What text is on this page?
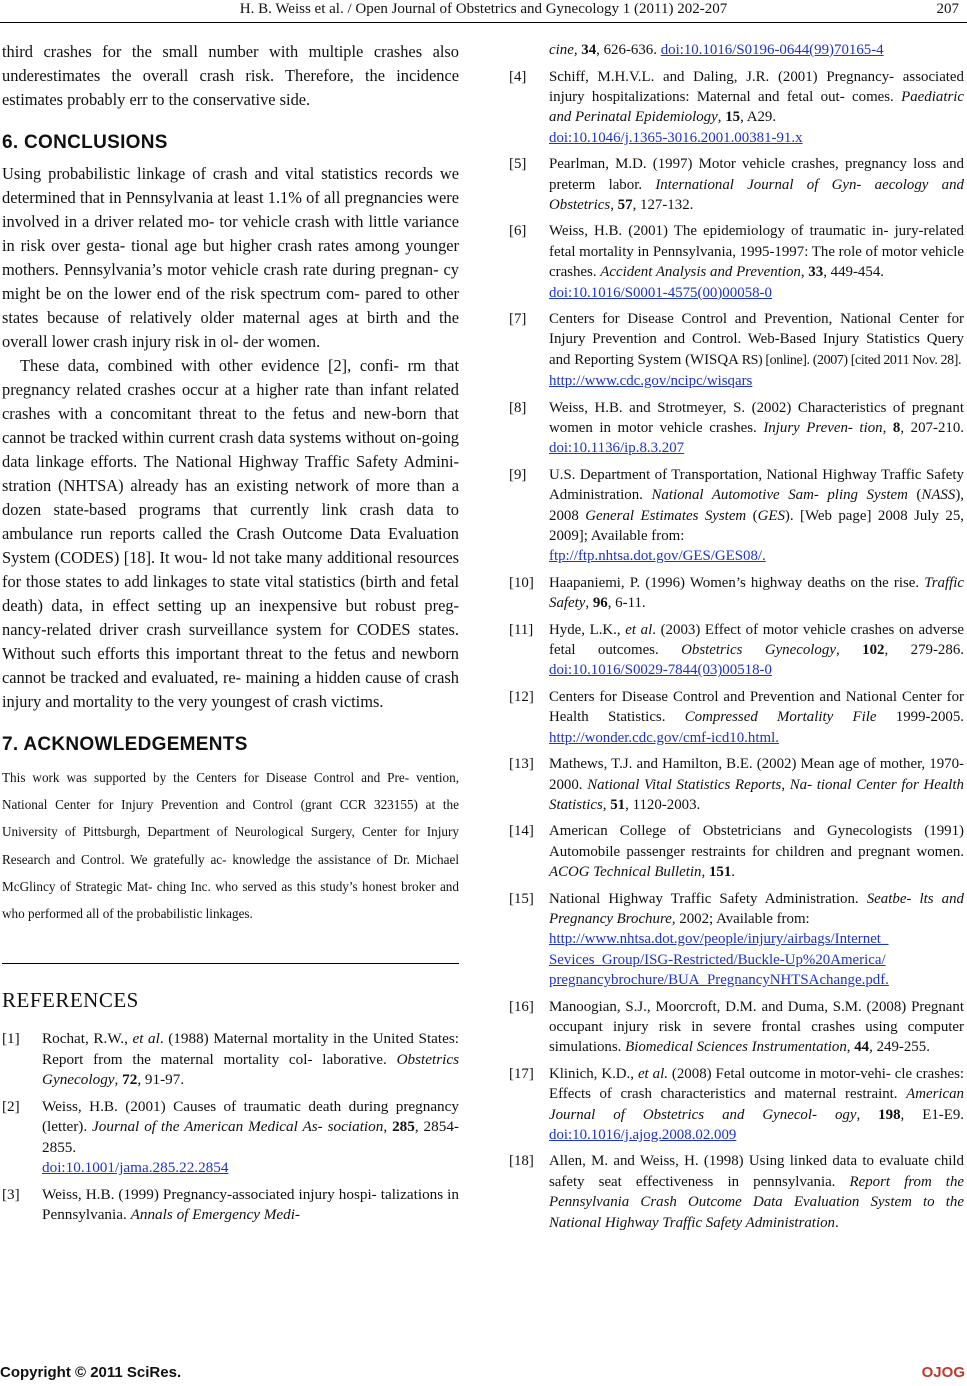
H. B. Weiss et al. / Open Journal of Obstetrics and Gynecology 1 (2011) 202-207	207

third crashes for the small number with multiple crashes also underestimates the overall crash risk. Therefore, the incidence estimates probably err to the conservative side.

6. CONCLUSIONS

Using probabilistic linkage of crash and vital statistics records we determined that in Pennsylvania at least 1.1% of all pregnancies were involved in a driver related mo- tor vehicle crash with little variance in risk over gesta- tional age but higher crash rates among younger mothers. Pennsylvania’s motor vehicle crash rate during pregnan- cy might be on the lower end of the risk spectrum com- pared to other states because of relatively older maternal ages at birth and the overall lower crash injury risk in ol- der women.

These data, combined with other evidence [2], confi- rm that pregnancy related crashes occur at a higher rate than infant related crashes with a concomitant threat to the fetus and new-born that cannot be tracked within current crash data systems without on-going data linkage efforts. The National Highway Traffic Safety Admini- stration (NHTSA) already has an existing network of more than a dozen state-based programs that currently link crash data to ambulance run reports called the Crash Outcome Data Evaluation System (CODES) [18]. It wou- ld not take many additional resources for those states to add linkages to state vital statistics (birth and fetal death) data, in effect setting up an inexpensive but robust preg- nancy-related driver crash surveillance system for CODES states. Without such efforts this important threat to the fetus and newborn cannot be tracked and evaluated, re- maining a hidden cause of crash injury and mortality to the very youngest of crash victims.

7. ACKNOWLEDGEMENTS

This work was supported by the Centers for Disease Control and Pre- vention, National Center for Injury Prevention and Control (grant CCR 323155) at the University of Pittsburgh, Department of Neurological Surgery, Center for Injury Research and Control. We gratefully ac- knowledge the assistance of Dr. Michael McGlincy of Strategic Mat- ching Inc. who served as this study’s honest broker and who performed all of the probabilistic linkages.

REFERENCES
[1] Rochat, R.W., et al. (1988) Maternal mortality in the United States: Report from the maternal mortality col- laborative. Obstetrics Gynecology, 72, 91-97.
[2] Weiss, H.B. (2001) Causes of traumatic death during pregnancy (letter). Journal of the American Medical As- sociation, 285, 2854-2855.
doi:10.1001/jama.285.22.2854
[3] Weiss, H.B. (1999) Pregnancy-associated injury hospi- talizations in Pennsylvania. Annals of Emergency Medi-
cine, 34, 626-636. doi:10.1016/S0196-0644(99)70165-4
[4] Schiff, M.H.V.L. and Daling, J.R. (2001) Pregnancy- associated injury hospitalizations: Maternal and fetal out- comes. Paediatric and Perinatal Epidemiology, 15, A29.
doi:10.1046/j.1365-3016.2001.00381-91.x
[5] Pearlman, M.D. (1997) Motor vehicle crashes, pregnancy loss and preterm labor. International Journal of Gyn- aecology and Obstetrics, 57, 127-132.
[6] Weiss, H.B. (2001) The epidemiology of traumatic in- jury-related fetal mortality in Pennsylvania, 1995-1997: The role of motor vehicle crashes. Accident Analysis and Prevention, 33, 449-454.
doi:10.1016/S0001-4575(00)00058-0
[7] Centers for Disease Control and Prevention, National Center for Injury Prevention and Control. Web-Based Injury Statistics Query and Reporting System (WISQA RS) [online]. (2007) [cited 2011 Nov. 28].
http://www.cdc.gov/ncipc/wisqars
[8] Weiss, H.B. and Strotmeyer, S. (2002) Characteristics of pregnant women in motor vehicle crashes. Injury Preven- tion, 8, 207-210. doi:10.1136/ip.8.3.207
[9] U.S. Department of Transportation, National Highway Traffic Safety Administration. National Automotive Sam- pling System (NASS), 2008 General Estimates System (GES). [Web page] 2008 July 25, 2009]; Available from:
ftp://ftp.nhtsa.dot.gov/GES/GES08/.
[10] Haapaniemi, P. (1996) Women’s highway deaths on the rise. Traffic Safety, 96, 6-11.
[11] Hyde, L.K., et al. (2003) Effect of motor vehicle crashes on adverse fetal outcomes. Obstetrics Gynecology, 102, 279-286. doi:10.1016/S0029-7844(03)00518-0
[12] Centers for Disease Control and Prevention and National Center for Health Statistics. Compressed Mortality File 1999-2005. http://wonder.cdc.gov/cmf-icd10.html.
[13] Mathews, T.J. and Hamilton, B.E. (2002) Mean age of mother, 1970-2000. National Vital Statistics Reports, Na- tional Center for Health Statistics, 51, 1120-2003.
[14] American College of Obstetricians and Gynecologists (1991) Automobile passenger restraints for children and pregnant women. ACOG Technical Bulletin, 151.
[15] National Highway Traffic Safety Administration. Seatbe- lts and Pregnancy Brochure, 2002; Available from:
http://www.nhtsa.dot.gov/people/injury/airbags/Internet_
Sevices_Group/ISG-Restricted/Buckle-Up%20America/
pregnancybrochure/BUA_PregnancyNHTSAchange.pdf.
[16] Manoogian, S.J., Moorcroft, D.M. and Duma, S.M. (2008) Pregnant occupant injury risk in severe frontal crashes using computer simulations. Biomedical Sciences Instrumentation, 44, 249-255.
[17] Klinich, K.D., et al. (2008) Fetal outcome in motor-vehi- cle crashes: Effects of crash characteristics and maternal restraint. American Journal of Obstetrics and Gynecol- ogy, 198, E1-E9. doi:10.1016/j.ajog.2008.02.009
[18] Allen, M. and Weiss, H. (1998) Using linked data to evaluate child safety seat effectiveness in pennsylvania. Report from the Pennsylvania Crash Outcome Data Evaluation System to the National Highway Traffic Safety Administration.
Copyright © 2011 SciRes.	OJOG
